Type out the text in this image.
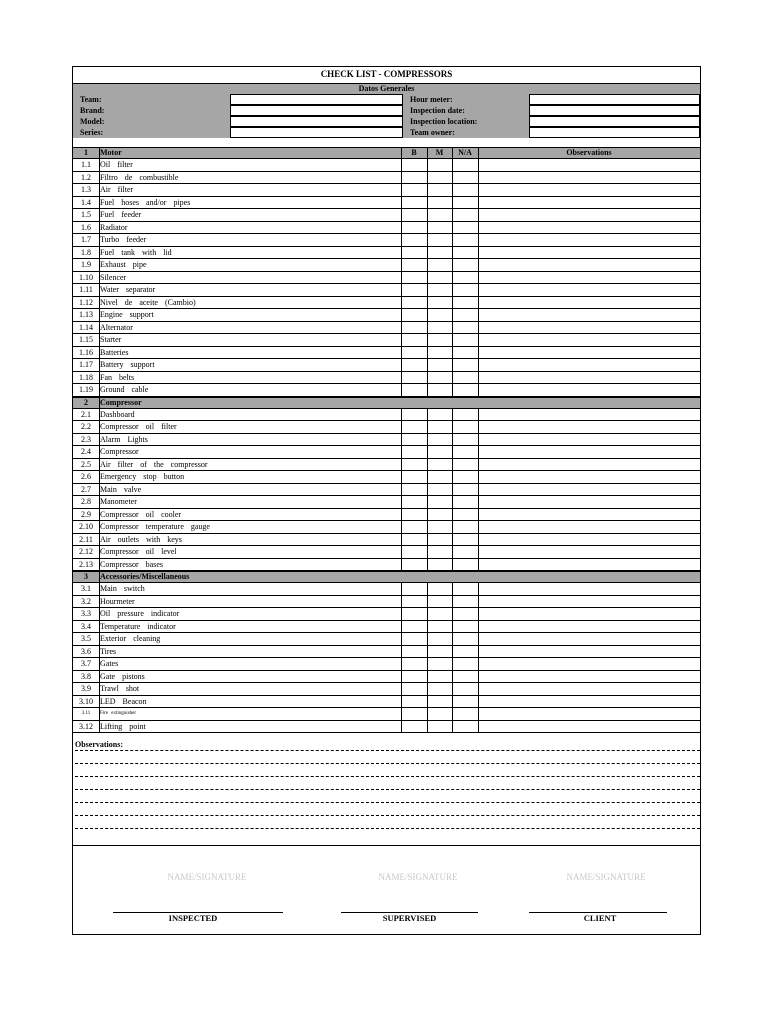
CHECK LIST - COMPRESSORS
Datos Generales
Team:	Hour meter:
Brand:	Inspection date:
Model:	Inspection location:
Series:	Team owner:
1	Motor	B	M	N/A	Observations
1.1	Oil filter
1.2	Filtro de combustible
1.3	Air filter
1.4	Fuel hoses and/or pipes
1.5	Fuel feeder
1.6	Radiator
1.7	Turbo feeder
1.8	Fuel tank with lid
1.9	Exhaust pipe
1.10 Silencer
1.11 Water separator
1.12 Nivel de aceite (Cambio)
1.13 Engine support
1.14 Alternator
1.15 Starter
1.16 Batteries
1.17 Battery support
1.18 Fan belts
1.19 Ground cable
2	Compressor
2.1	Dashboard
2.2	Compressor oil filter
2.3	Alarm Lights
2.4	Compressor
2.5	Air filter of the compressor
2.6	Emergency stop button
2.7	Main valve
2.8	Manometer
2.9	Compressor oil cooler
2.10 Compressor temperature gauge
2.11 Air outlets with keys
2.12 Compressor oil level
2.13 Compressor bases
3	Accessories/Miscellaneous
3.1	Main switch
3.2	Hourmeter
3.3	Oil pressure indicator
3.4	Temperature indicator
3.5	Exterior cleaning
3.6	Tires
3.7	Gates
3.8	Gate pistons
3.9	Trawl shot
3.10 LED Beacon
3.11	Fire extinguisher
3.12 Lifting point
Observations:
NAME/SIGNATURE
INSPECTED
NAME/SIGNATURE
SUPERVISED
NAME/SIGNATURE
CLIENT
